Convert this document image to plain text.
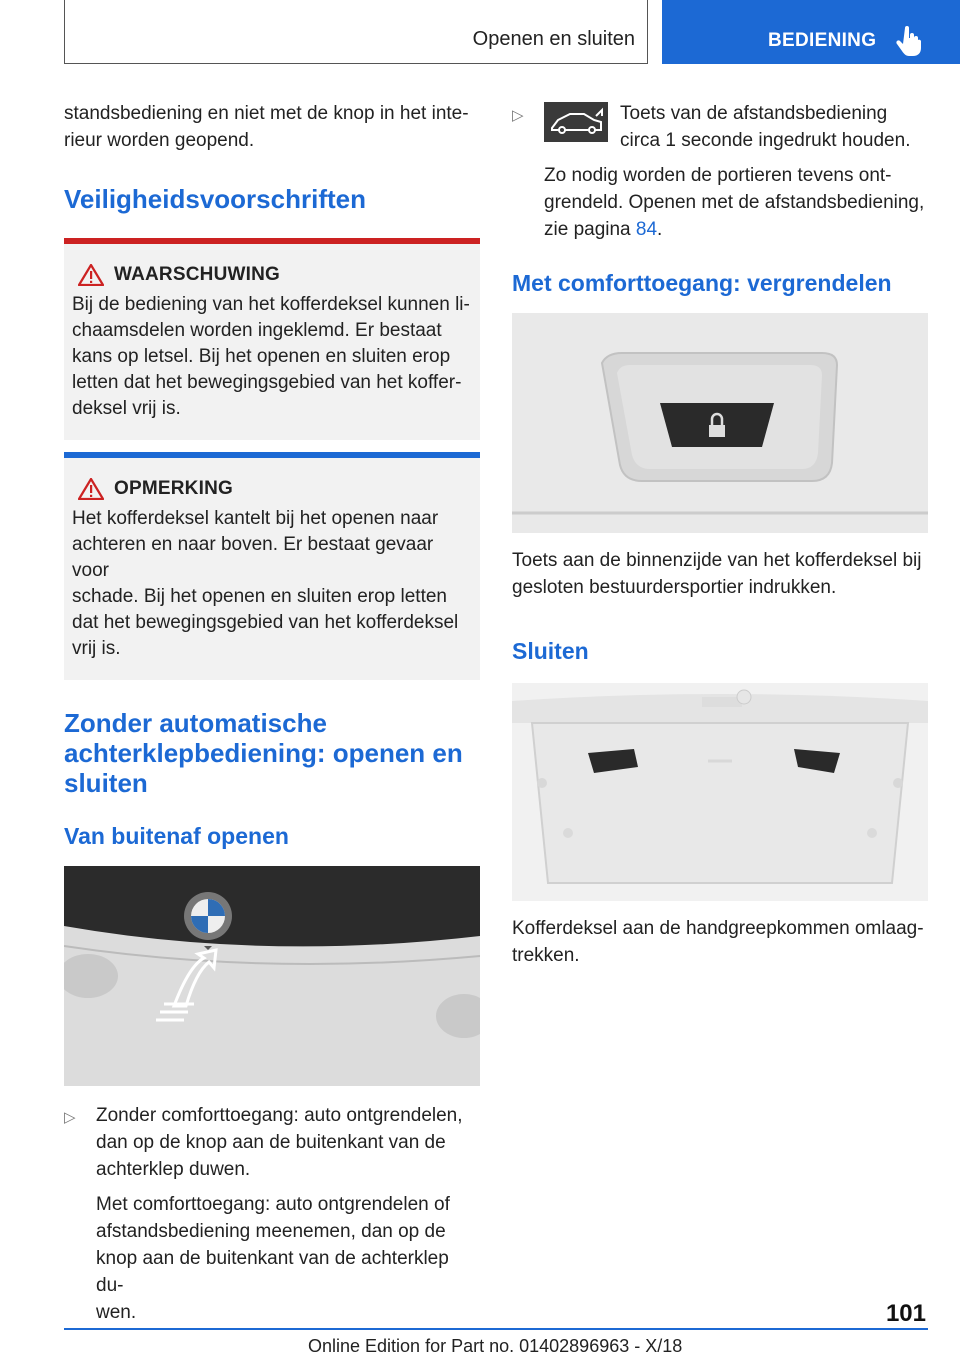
Openen en sluiten	BEDIENING

standsbediening en niet met de knop in het inte-
rieur worden geopend.

Veiligheidsvoorschriften
WAARSCHUWING
Bij de bediening van het kofferdeksel kunnen li-
chaamsdelen worden ingeklemd. Er bestaat
kans op letsel. Bij het openen en sluiten erop
letten dat het bewegingsgebied van het koffer-
deksel vrij is.
OPMERKING
Het kofferdeksel kantelt bij het openen naar
achteren en naar boven. Er bestaat gevaar voor
schade. Bij het openen en sluiten erop letten
dat het bewegingsgebied van het kofferdeksel
vrij is.
Zonder automatische
achterklepbediening: openen en
sluiten
Van buitenaf openen
▷	Zonder comforttoegang: auto ontgrendelen,
dan op de knop aan de buitenkant van de
achterklep duwen.
Met comforttoegang: auto ontgrendelen of
afstandsbediening meenemen, dan op de
knop aan de buitenkant van de achterklep du-
wen.
▷	Toets van de afstandsbediening
circa 1 seconde ingedrukt houden.
Zo nodig worden de portieren tevens ont-
grendeld. Openen met de afstandsbediening,
zie pagina 84.
Met comforttoegang: vergrendelen

Toets aan de binnenzijde van het kofferdeksel bij
gesloten bestuurdersportier indrukken.

Sluiten

Kofferdeksel aan de handgreepkommen omlaag-
trekken.

101
Online Edition for Part no. 01402896963 - X/18
